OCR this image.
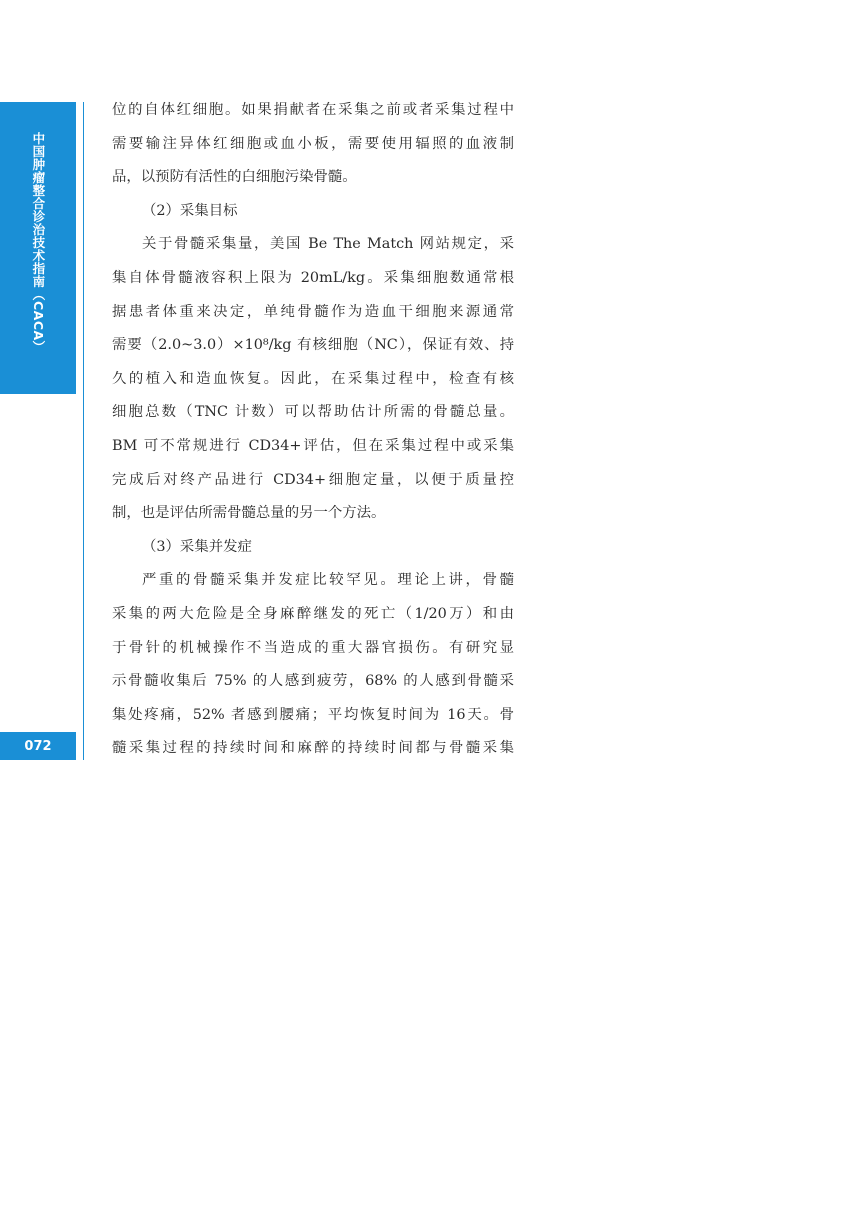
中国肿瘤整合诊治技术指南（CACA）
072
位的自体红细胞。如果捐献者在采集之前或者采集过程中
需要输注异体红细胞或血小板，需要使用辐照的血液制
品，以预防有活性的白细胞污染骨髓。
（2）采集目标
关于骨髓采集量，美国 Be The Match 网站规定，采
集自体骨髓液容积上限为 20mL/kg。采集细胞数通常根
据患者体重来决定，单纯骨髓作为造血干细胞来源通常
需要（2.0~3.0）×10⁸/kg 有核细胞（NC），保证有效、持
久的植入和造血恢复。因此，在采集过程中，检查有核
细胞总数（TNC 计数）可以帮助估计所需的骨髓总量。
BM 可不常规进行 CD34+评估，但在采集过程中或采集
完成后对终产品进行 CD34+细胞定量，以便于质量控
制，也是评估所需骨髓总量的另一个方法。
（3）采集并发症
严重的骨髓采集并发症比较罕见。理论上讲，骨髓
采集的两大危险是全身麻醉继发的死亡（1/20万）和由
于骨针的机械操作不当造成的重大器官损伤。有研究显
示骨髓收集后 75% 的人感到疲劳，68% 的人感到骨髓采
集处疼痛，52% 者感到腰痛；平均恢复时间为 16天。骨
髓采集过程的持续时间和麻醉的持续时间都与骨髓采集
